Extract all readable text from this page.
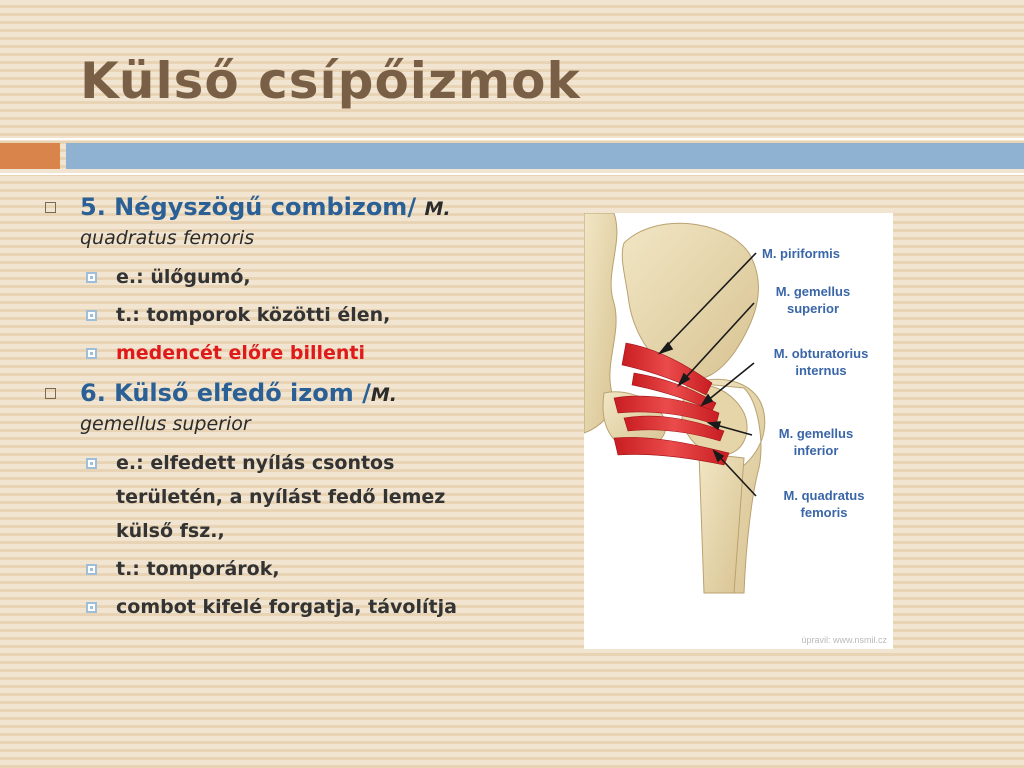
Külső csípőizmok
5. Négyszögű combizom/ M.
quadratus femoris
e.: ülőgumó,
t.: tomporok közötti élen,
medencét előre billenti
6. Külső elfedő izom /M.
gemellus superior
e.: elfedett nyílás csontos területén, a nyílást fedő lemez külső fsz.,
t.: tomporárok,
combot kifelé forgatja, távolítja
M. piriformis
M. gemellus superior
M. obturatorius internus
M. gemellus inferior
M. quadratus femoris
úpravil: www.nsmil.cz
